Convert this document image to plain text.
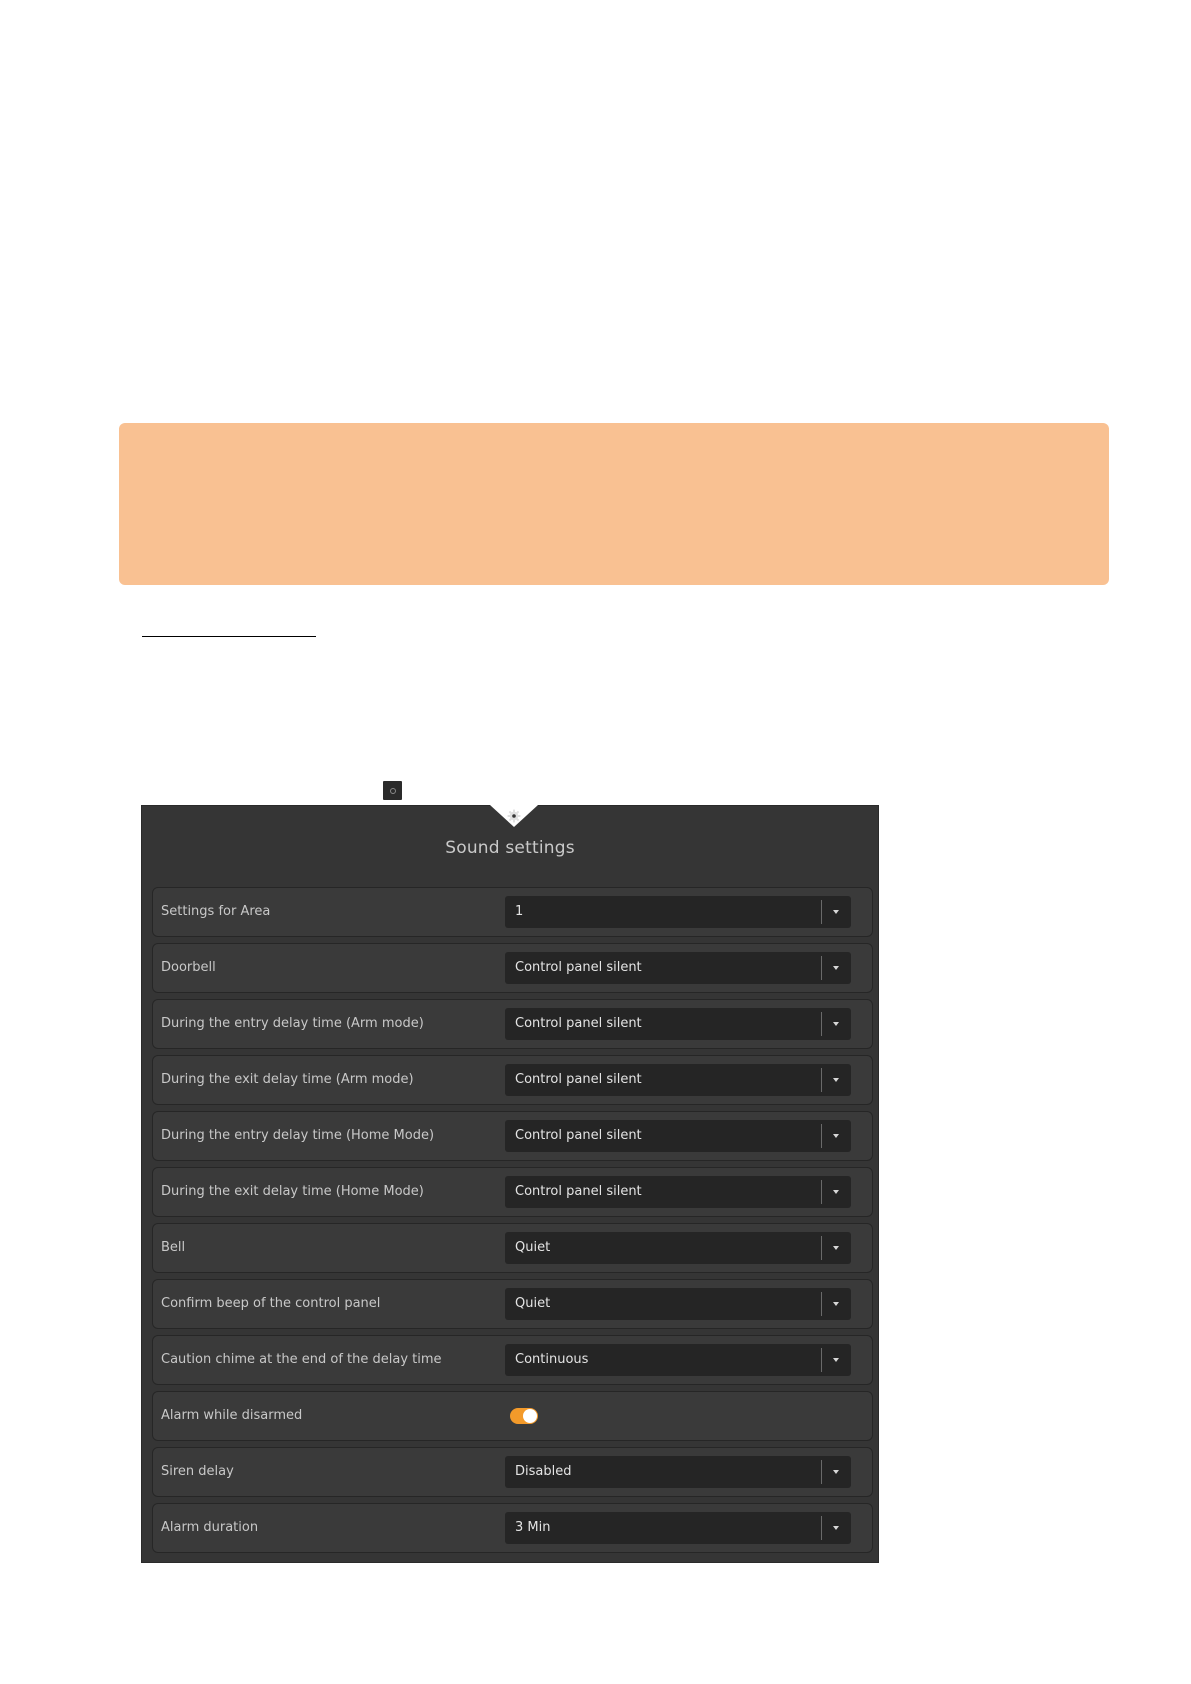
Sound settings
Settings for Area	1
Doorbell	Control panel silent
During the entry delay time (Arm mode)	Control panel silent
During the exit delay time (Arm mode)	Control panel silent
During the entry delay time (Home Mode)	Control panel silent
During the exit delay time (Home Mode)	Control panel silent
Bell	Quiet
Confirm beep of the control panel	Quiet
Caution chime at the end of the delay time	Continuous
Alarm while disarmed
Siren delay	Disabled
Alarm duration	3 Min
